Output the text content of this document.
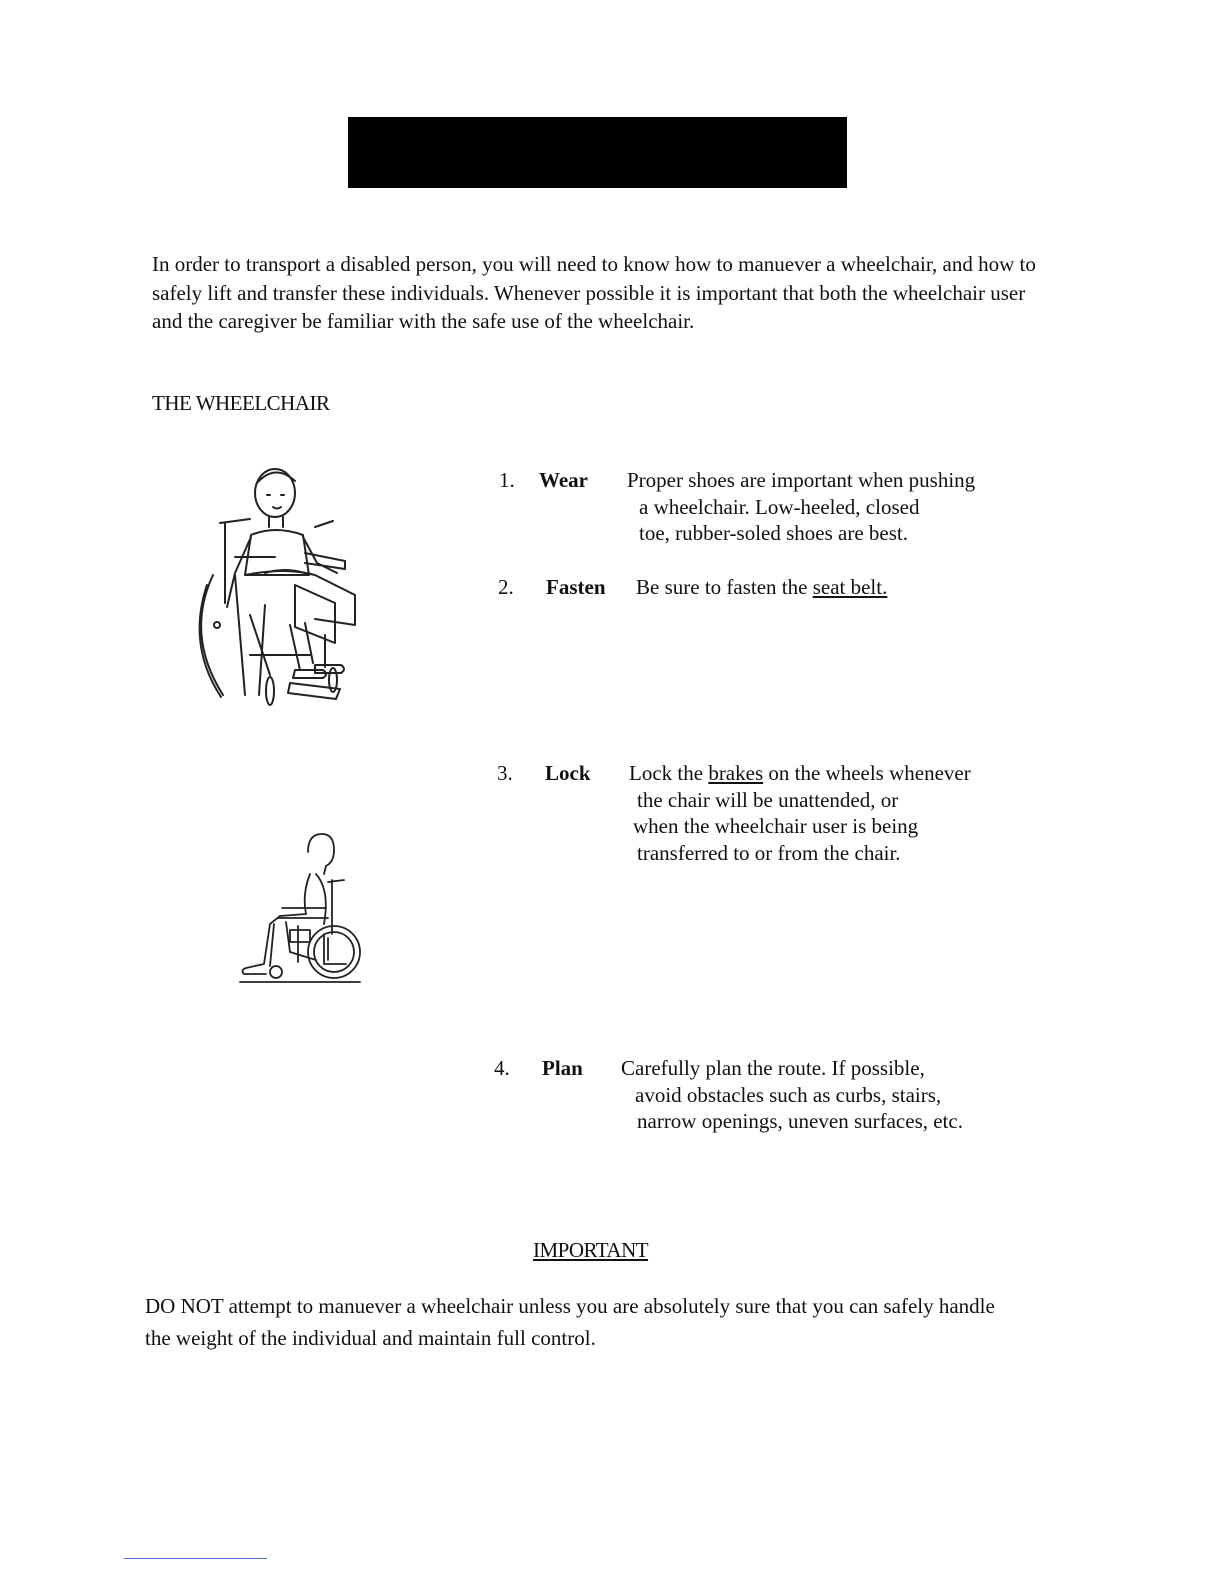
In order to transport a disabled person, you will need to know how to manuever a wheelchair, and how to safely lift and transfer these individuals. Whenever possible it is important that both the wheelchair user and the caregiver be familiar with the safe use of the wheelchair.

THE WHEELCHAIR
1. Wear Proper shoes are important when pushing
a wheelchair. Low-heeled, closed
toe, rubber-soled shoes are best.
2. Fasten Be sure to fasten the seat belt.
3. Lock Lock the brakes on the wheels whenever
the chair will be unattended, or
when the wheelchair user is being
transferred to or from the chair.
4. Plan Carefully plan the route. If possible,
avoid obstacles such as curbs, stairs,
narrow openings, uneven surfaces, etc.
IMPORTANT

DO NOT attempt to manuever a wheelchair unless you are absolutely sure that you can safely handle the weight of the individual and maintain full control.
